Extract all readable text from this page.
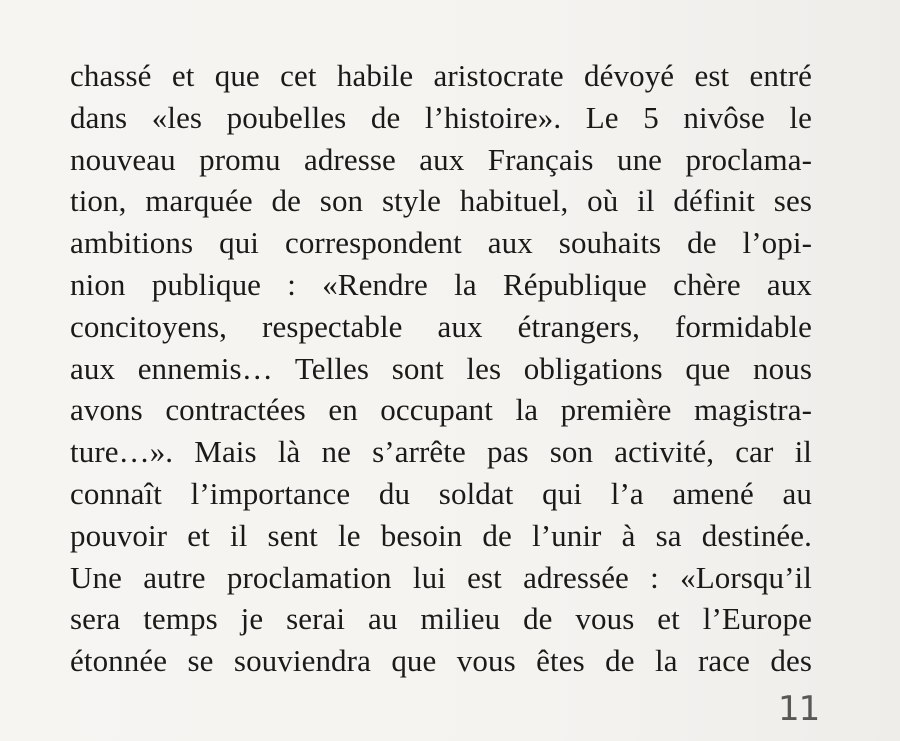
chassé et que cet habile aristocrate dévoyé est entré
dans «les poubelles de l’histoire». Le 5 nivôse le
nouveau promu adresse aux Français une proclama-
tion, marquée de son style habituel, où il définit ses
ambitions qui correspondent aux souhaits de l’opi-
nion publique : «Rendre la République chère aux
concitoyens, respectable aux étrangers, formidable
aux ennemis… Telles sont les obligations que nous
avons contractées en occupant la première magistra-
ture…». Mais là ne s’arrête pas son activité, car il
connaît l’importance du soldat qui l’a amené au
pouvoir et il sent le besoin de l’unir à sa destinée.
Une autre proclamation lui est adressée : «Lorsqu’il
sera temps je serai au milieu de vous et l’Europe
étonnée se souviendra que vous êtes de la race des
11
